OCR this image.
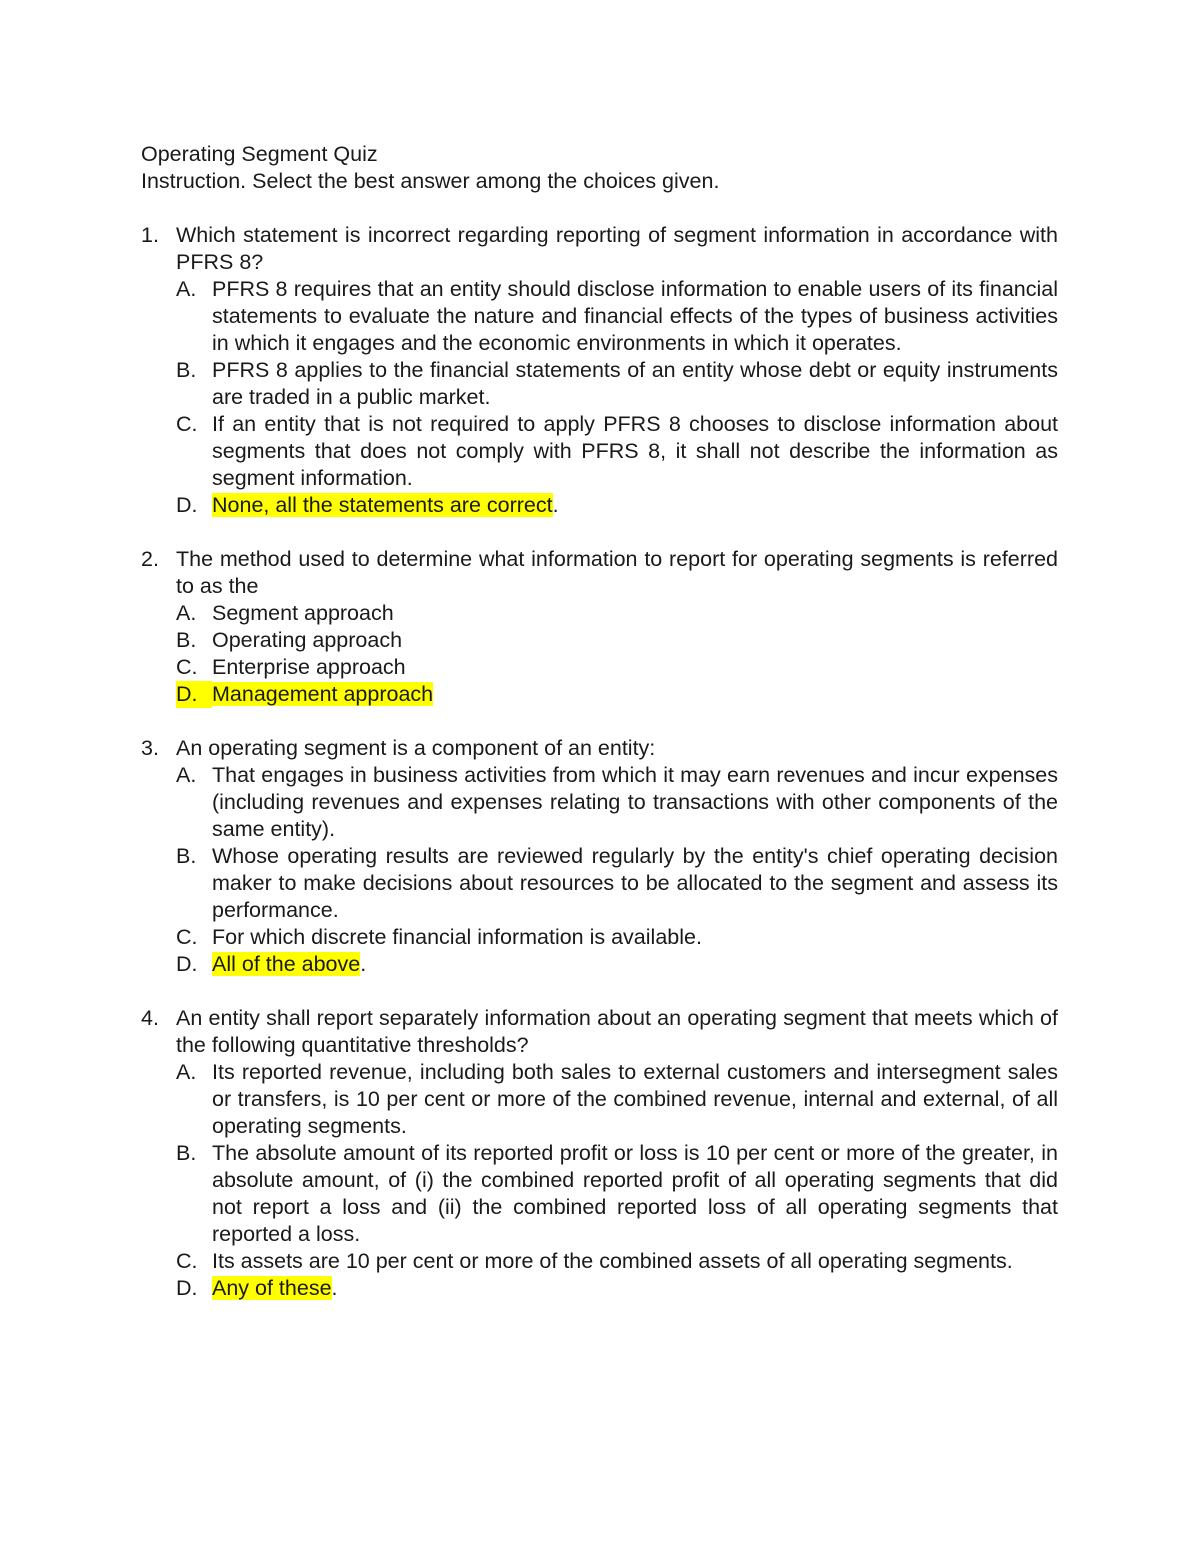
Operating Segment Quiz

Instruction. Select the best answer among the choices given.

1. Which statement is incorrect regarding reporting of segment information in accordance with PFRS 8?

A. PFRS 8 requires that an entity should disclose information to enable users of its financial statements to evaluate the nature and financial effects of the types of business activities in which it engages and the economic environments in which it operates.
B. PFRS 8 applies to the financial statements of an entity whose debt or equity instruments are traded in a public market.
C. If an entity that is not required to apply PFRS 8 chooses to disclose information about segments that does not comply with PFRS 8, it shall not describe the information as segment information.
D. None, all the statements are correct.
2. The method used to determine what information to report for operating segments is referred to as the

A. Segment approach
B. Operating approach
C. Enterprise approach
D. Management approach
3. An operating segment is a component of an entity:

A. That engages in business activities from which it may earn revenues and incur expenses (including revenues and expenses relating to transactions with other components of the same entity).
B. Whose operating results are reviewed regularly by the entity's chief operating decision maker to make decisions about resources to be allocated to the segment and assess its performance.
C. For which discrete financial information is available.
D. All of the above.
4. An entity shall report separately information about an operating segment that meets which of the following quantitative thresholds?

A. Its reported revenue, including both sales to external customers and intersegment sales or transfers, is 10 per cent or more of the combined revenue, internal and external, of all operating segments.
B. The absolute amount of its reported profit or loss is 10 per cent or more of the greater, in absolute amount, of (i) the combined reported profit of all operating segments that did not report a loss and (ii) the combined reported loss of all operating segments that reported a loss.
C. Its assets are 10 per cent or more of the combined assets of all operating segments.
D. Any of these.
